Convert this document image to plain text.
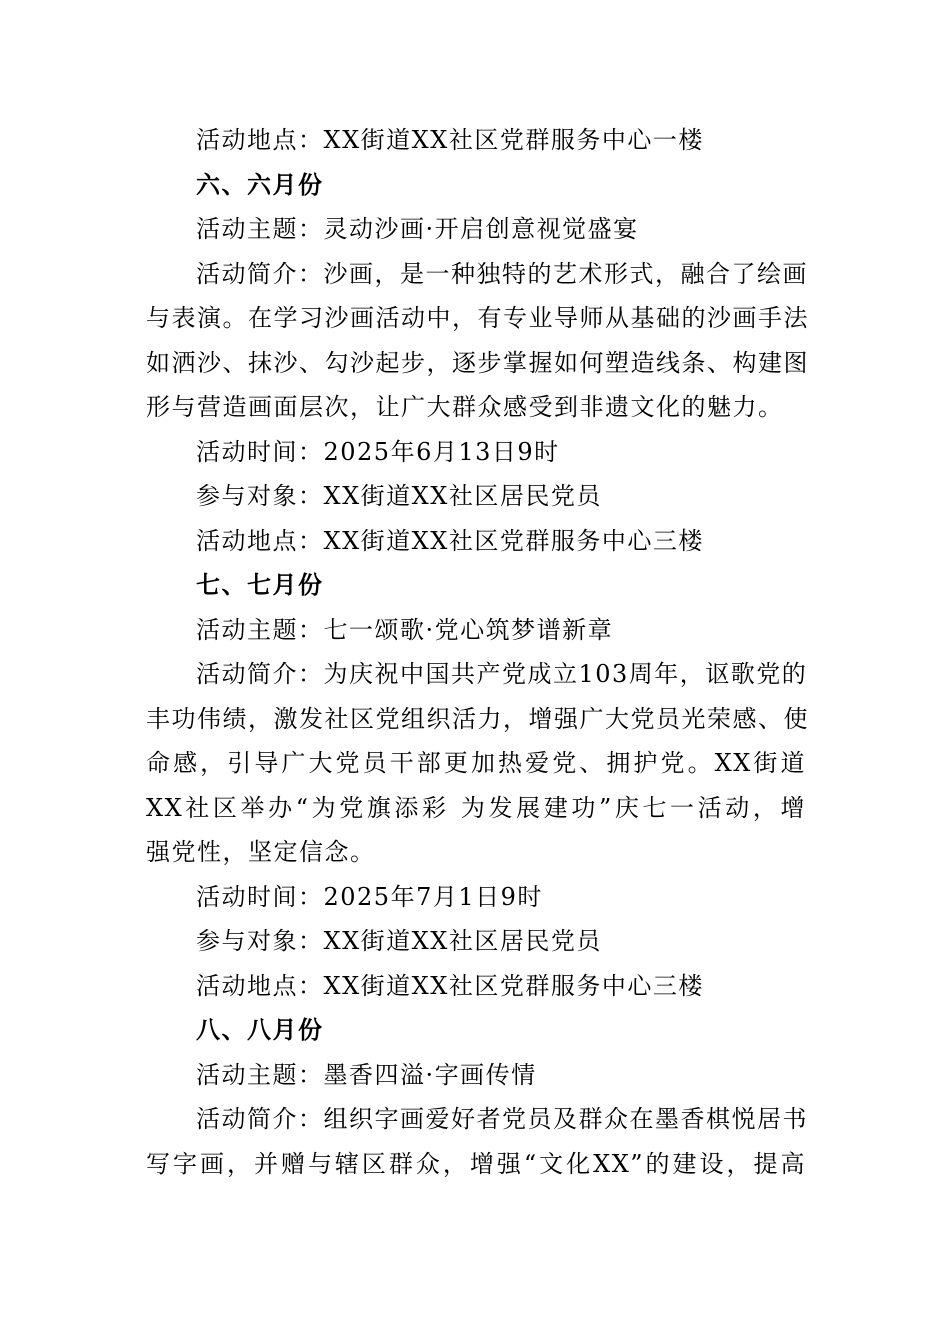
活动地点：XX街道XX社区党群服务中心一楼
六、六月份
活动主题：灵动沙画·开启创意视觉盛宴
活动简介：沙画，是一种独特的艺术形式，融合了绘画
与表演。在学习沙画活动中，有专业导师从基础的沙画手法
如洒沙、抹沙、勾沙起步，逐步掌握如何塑造线条、构建图
形与营造画面层次，让广大群众感受到非遗文化的魅力。
活动时间：2025年6月13日9时
参与对象：XX街道XX社区居民党员
活动地点：XX街道XX社区党群服务中心三楼
七、七月份
活动主题：七一颂歌·党心筑梦谱新章
活动简介：为庆祝中国共产党成立103周年，讴歌党的
丰功伟绩，激发社区党组织活力，增强广大党员光荣感、使
命感，引导广大党员干部更加热爱党、拥护党。XX街道
XX社区举办“为党旗添彩 为发展建功”庆七一活动，增
强党性，坚定信念。
活动时间：2025年7月1日9时
参与对象：XX街道XX社区居民党员
活动地点：XX街道XX社区党群服务中心三楼
八、八月份
活动主题：墨香四溢·字画传情
活动简介：组织字画爱好者党员及群众在墨香棋悦居书
写字画，并赠与辖区群众，增强“文化XX”的建设，提高
